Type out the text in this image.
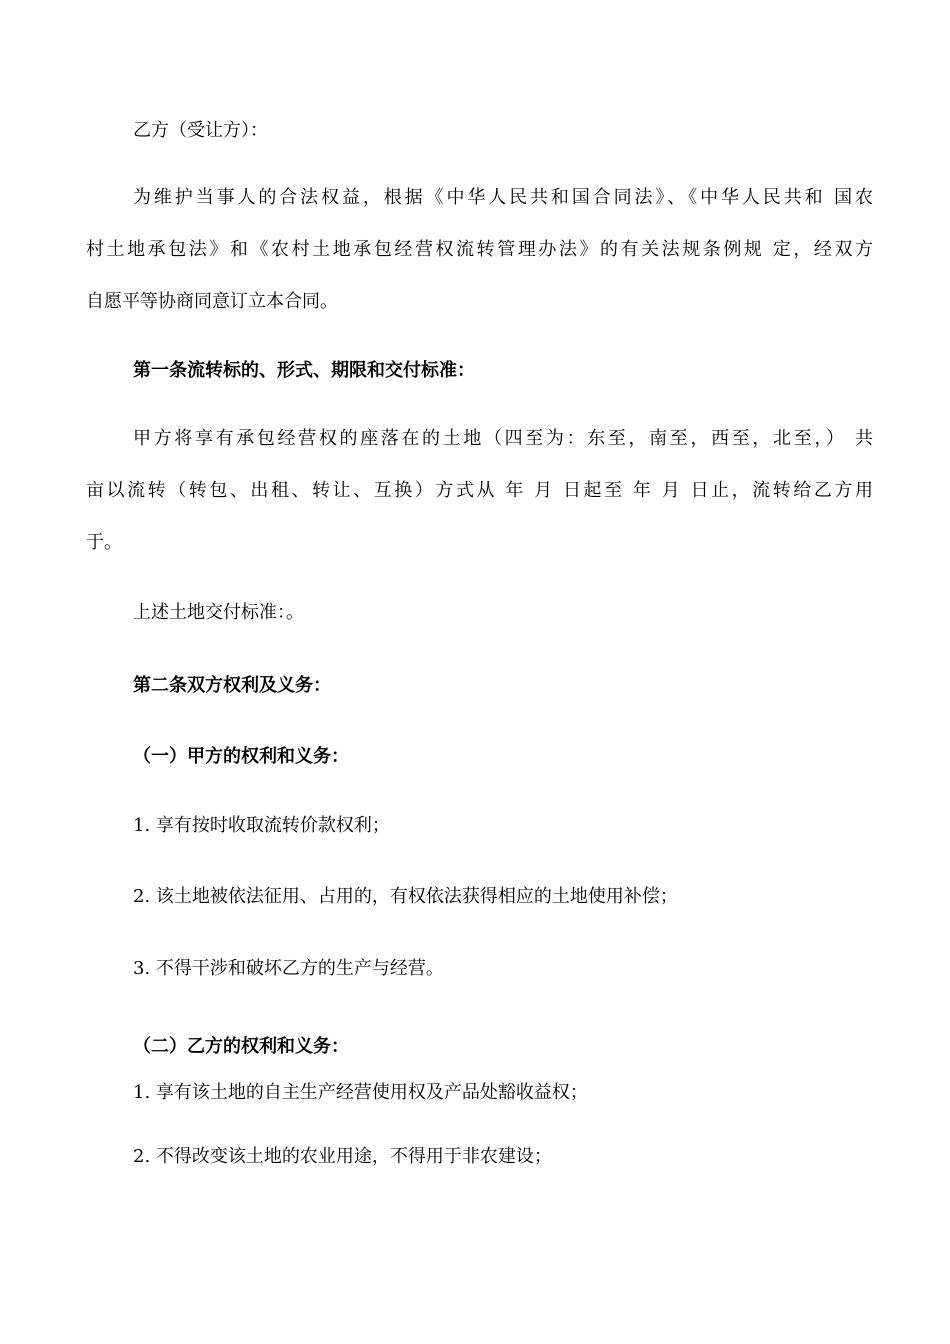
乙方（受让方）：

为维护当事人的合法权益，根据《中华人民共和国合同法》、《中华人民共和 国农

村土地承包法》和《农村土地承包经营权流转管理办法》的有关法规条例规 定，经双方

自愿平等协商同意订立本合同。

第一条流转标的、形式、期限和交付标准：

甲方将享有承包经营权的座落在的土地（四至为：东至，南至，西至，北至，） 共

亩以流转（转包、出租、转让、互换）方式从 年 月 日起至 年 月 日止，流转给乙方用

于。

上述土地交付标准：。

第二条双方权利及义务：

（一）甲方的权利和义务：

1. 享有按时收取流转价款权利；

2. 该土地被依法征用、占用的，有权依法获得相应的土地使用补偿；

3. 不得干涉和破坏乙方的生产与经营。

（二）乙方的权利和义务：

1. 享有该土地的自主生产经营使用权及产品处豁收益权；

2. 不得改变该土地的农业用途，不得用于非农建设；
